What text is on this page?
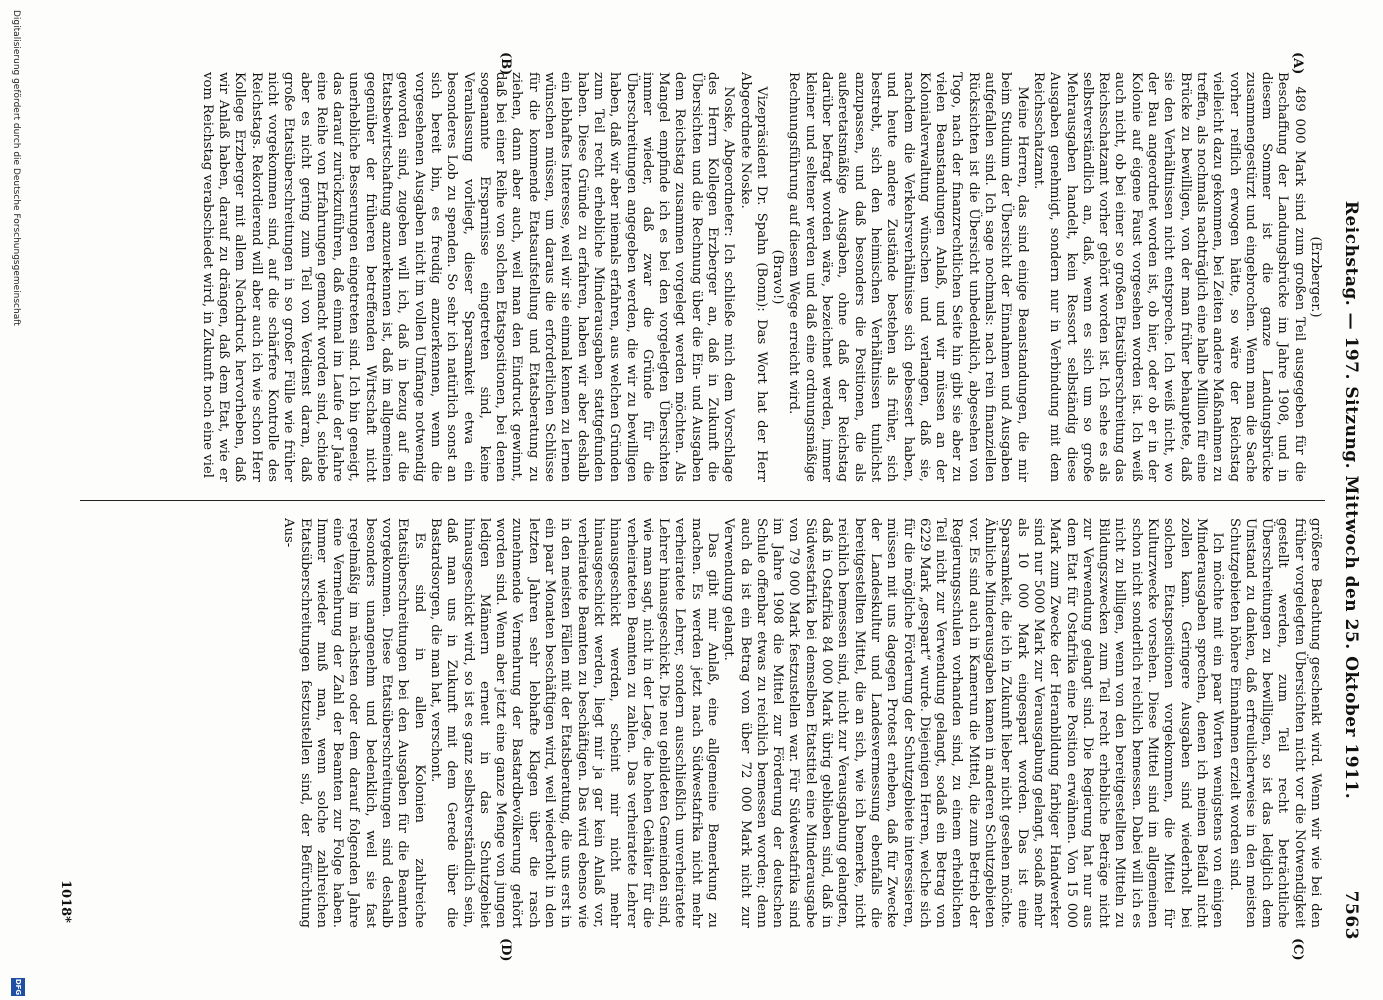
Reichstag. — 197. Sitzung. Mittwoch den 25. Oktober 1911.
7563
(A)
(B)
(C)
(D)

(Erzberger.)

489 000 Mark sind zum großen Teil ausgegeben für die Beschaffung der Landungsbrücke im Jahre 1908, und in diesem Sommer ist die ganze Landungsbrücke zusammengestürzt und eingebrochen. Wenn man die Sache vorher reiflich erwogen hätte, so wäre der Reichstag vielleicht dazu gekommen, bei Zeiten andere Maßnahmen zu treffen, als nochmals nachträglich eine halbe Million für eine Brücke zu bewilligen, von der man früher behauptete, daß sie den Verhältnissen nicht entspreche. Ich weiß nicht, wo der Bau angeordnet worden ist, ob hier, oder ob er in der Kolonie auf eigene Faust vorgesehen worden ist. Ich weiß auch nicht, ob bei einer so großen Etatsüberschreitung das Reichsschatzamt vorher gehört worden ist. Ich sehe es als selbstverständlich an, daß, wenn es sich um so große Mehrausgaben handelt, kein Ressort selbständig diese Ausgaben genehmigt, sondern nur in Verbindung mit dem Reichsschatzamt.

Meine Herren, das sind einige Beanstandungen, die mir beim Studium der Übersicht der Einnahmen und Ausgaben aufgefallen sind. Ich sage nochmals: nach rein finanziellen Rücksichten ist die Übersicht unbedenklich, abgesehen von Togo, nach der finanzrechtlichen Seite hin gibt sie aber zu vielen Beanstandungen Anlaß, und wir müssen an der Kolonialverwaltung wünschen und verlangen, daß sie, nachdem die Verkehrsverhältnisse sich gebessert haben, und heute andere Zustände bestehen als früher, sich bestrebt, sich den heimischen Verhältnissen tunlichst anzupassen, und daß besonders die Positionen, die als außeretatsmäßige Ausgaben, ohne daß der Reichstag darüber befragt worden wäre, bezeichnet werden, immer kleiner und seltener werden und daß eine ordnungsmäßige Rechnungsführung auf diesem Wege erreicht wird.

(Bravo!)

Vizepräsident Dr. Spahn (Bonn): Das Wort hat der Herr Abgeordnete Noske.

Noske, Abgeordneter: Ich schließe mich dem Vorschlage des Herrn Kollegen Erzberger an, daß in Zukunft die Übersichten und die Rechnung über die Ein- und Ausgaben dem Reichstag zusammen vorgelegt werden möchten. Als Mangel empfinde ich es bei den vorgelegten Übersichten immer wieder, daß zwar die Gründe für die Überschreitungen angegeben werden, die wir zu bewilligen haben, daß wir aber niemals erfahren, aus welchen Gründen zum Teil recht erhebliche Minderausgaben stattgefunden haben. Diese Gründe zu erfahren, haben wir aber deshalb ein lebhaftes Interesse, weil wir sie einmal kennen zu lernen wünschen müssen, um daraus die erforderlichen Schlüsse für die kommende Etatsaufstellung und Etatsberatung zu ziehen, dann aber auch, weil man den Eindruck gewinnt, daß bei einer Reihe von solchen Etatspositionen, bei denen sogenannte Ersparnisse eingetreten sind, keine Veranlassung vorliegt, dieser Sparsamkeit etwa ein besonderes Lob zu spenden. So sehr ich natürlich sonst an sich bereit bin, es freudig anzuerkennen, wenn die vorgesehenen Ausgaben nicht im vollen Umfange notwendig geworden sind, zugeben will ich, daß in bezug auf die Etatsbewirtschaftung anzuerkennen ist, daß im allgemeinen gegenüber der früheren betreffenden Wirtschaft nicht unerhebliche Besserungen eingetreten sind. Ich bin geneigt, das darauf zurückzuführen, daß einmal im Laufe der Jahre eine Reihe von Erfahrungen gemacht worden sind, schiebe aber es nicht gering zum Teil von Verdienst daran, daß große Etatsüberschreitungen in so großer Fülle wie früher nicht vorgekommen sind, auf die schärfere Kontrolle des Reichstags. Rekordierend will aber auch ich wie schon Herr Kollege Erzberger mit allem Nachdruck hervorheben, daß wir Anlaß haben, darauf zu drängen, daß dem Etat, wie er vom Reichstag verabschiedet wird, in Zukunft noch eine viel

größere Beachtung geschenkt wird. Wenn wir wie bei den früher vorgelegten Übersichten nicht vor die Notwendigkeit gestellt werden, zum Teil recht beträchtliche Überschreitungen zu bewilligen, so ist das lediglich dem Umstand zu danken, daß erfreulicherweise in den meisten Schutzgebieten höhere Einnahmen erzielt worden sind.

Ich möchte mit ein paar Worten wenigstens von einigen Minderausgaben sprechen, denen ich meinen Beifall nicht zollen kann. Geringere Ausgaben sind wiederholt bei solchen Etatspositionen vorgekommen, die Mittel für Kulturzwecke vorsehen. Diese Mittel sind im allgemeinen schon nicht sonderlich reichlich bemessen. Dabei will ich es nicht zu billigen, wenn von den bereitgestellten Mitteln zu Bildungszwecken zum Teil recht erhebliche Beträge nicht zur Verwendung gelangt sind. Die Regierung hat nur aus dem Etat für Ostafrika eine Position erwähnen. Von 15 000 Mark zum Zwecke der Heranbildung farbiger Handwerker sind nur 5000 Mark zur Verausgabung gelangt, sodaß mehr als 10 000 Mark eingespart worden. Das ist eine Sparsamkeit, die ich in Zukunft lieber nicht gesehen möchte. Ähnliche Minderausgaben kamen in anderen Schutzgebieten vor. Es sind auch in Kamerun die Mittel, die zum Betrieb der Regierungsschulen vorhanden sind, zu einem erheblichen Teil nicht zur Verwendung gelangt, sodaß ein Betrag von 6229 Mark „gespart“ wurde. Diejenigen Herren, welche sich für die mögliche Förderung der Schutzgebiete interessieren, müssen mit uns dagegen Protest erheben, daß für Zwecke der Landeskultur und Landesvermessung ebenfalls die bereitgestellten Mittel, die an sich, wie ich bemerke, nicht reichlich bemessen sind, nicht zur Verausgabung gelangten, daß in Ostafrika 84 000 Mark übrig geblieben sind, daß in Südwestafrika bei demselben Etatstitel eine Minderausgabe von 79 000 Mark festzustellen war. Für Südwestafrika sind im Jahre 1908 die Mittel zur Förderung der deutschen Schule offenbar etwas zu reichlich bemessen worden; denn auch da ist ein Betrag von über 72 000 Mark nicht zur Verwendung gelangt.

Das gibt mir Anlaß, eine allgemeine Bemerkung zu machen. Es werden jetzt nach Südwestafrika nicht mehr verheiratete Lehrer, sondern ausschließlich unverheiratete Lehrer hinausgeschickt. Die neu gebildeten Gemeinden sind, wie man sagt, nicht in der Lage, die hohen Gehälter für die verheirateten Beamten zu zahlen. Das verheiratete Lehrer hinausgeschickt werden, scheint mir nicht mehr hinausgeschickt werden, liegt mir ja gar kein Anlaß vor, verheiratete Beamten zu beschäftigen. Das wird ebenso wie in den meisten Fällen mit der Etatsberatung, die uns erst in ein paar Monaten beschäftigen wird, weil wiederholt in den letzten Jahren sehr lebhafte Klagen über die rasch zunehmende Vermehrung der Bastardbevölkerung gehört worden sind. Wenn aber jetzt eine ganze Menge von jungen ledigen Männern erneut in das Schutzgebiet hinausgeschickt wird, so ist es ganz selbstverständlich sein, daß man uns in Zukunft mit dem Gerede über die Bastardsorgen, die man hat, verschont.

Es sind in allen Kolonien zahlreiche Etatsüberschreitungen bei den Ausgaben für die Beamten vorgekommen. Diese Etatsüberschreitungen sind deshalb besonders unangenehm und bedenklich, weil sie fast regelmäßig im nächsten oder dem darauf folgenden Jahre eine Vermehrung der Zahl der Beamten zur Folge haben. Immer wieder muß man, wenn solche zahlreichen Etatsüberschreitungen festzustellen sind, der Befürchtung Aus-

1018*
Digitalisierung gefördert durch die Deutsche Forschungsgemeinschaft
DFG
